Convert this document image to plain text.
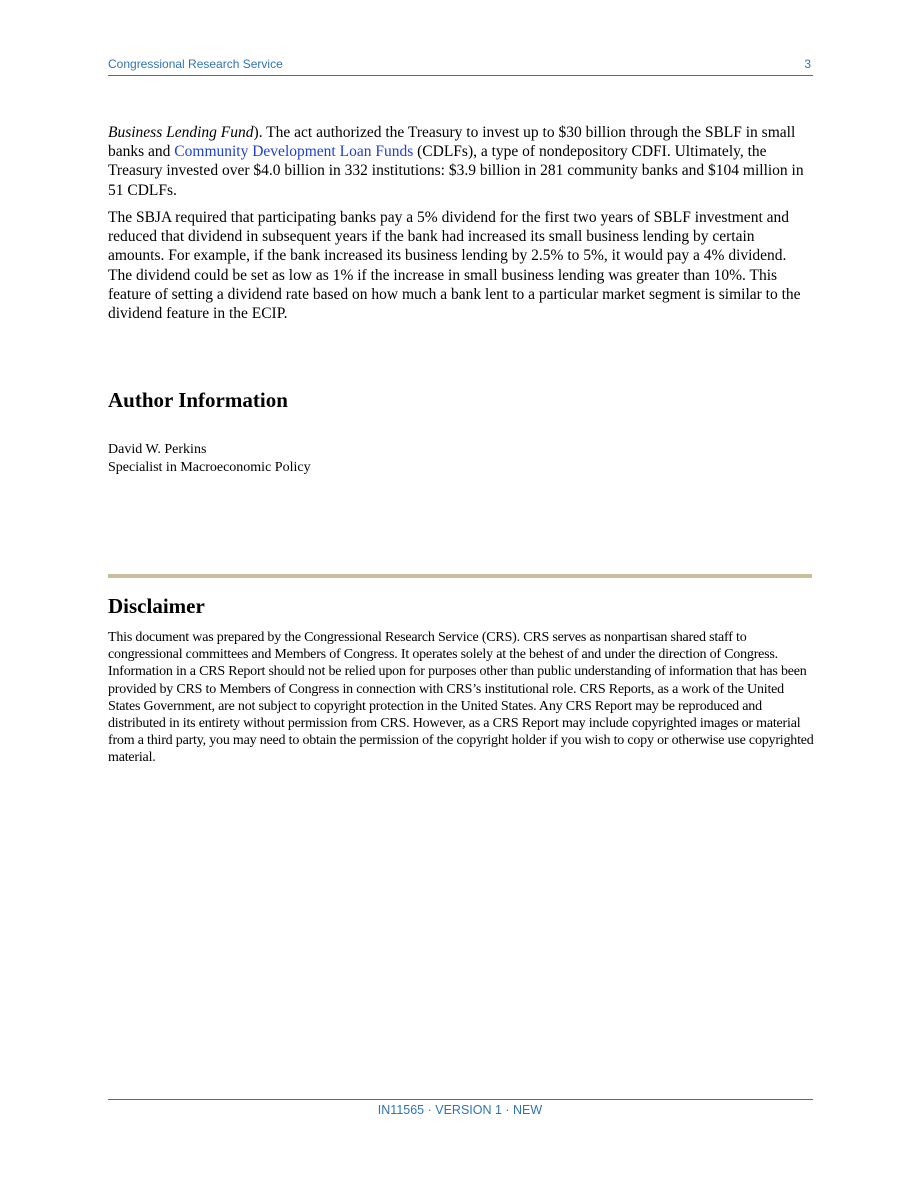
Congressional Research Service	3

Business Lending Fund). The act authorized the Treasury to invest up to $30 billion through the SBLF in small banks and Community Development Loan Funds (CDLFs), a type of nondepository CDFI. Ultimately, the Treasury invested over $4.0 billion in 332 institutions: $3.9 billion in 281 community banks and $104 million in 51 CDLFs.

The SBJA required that participating banks pay a 5% dividend for the first two years of SBLF investment and reduced that dividend in subsequent years if the bank had increased its small business lending by certain amounts. For example, if the bank increased its business lending by 2.5% to 5%, it would pay a 4% dividend. The dividend could be set as low as 1% if the increase in small business lending was greater than 10%. This feature of setting a dividend rate based on how much a bank lent to a particular market segment is similar to the dividend feature in the ECIP.

Author Information
David W. Perkins
Specialist in Macroeconomic Policy
Disclaimer

This document was prepared by the Congressional Research Service (CRS). CRS serves as nonpartisan shared staff to congressional committees and Members of Congress. It operates solely at the behest of and under the direction of Congress. Information in a CRS Report should not be relied upon for purposes other than public understanding of information that has been provided by CRS to Members of Congress in connection with CRS’s institutional role. CRS Reports, as a work of the United States Government, are not subject to copyright protection in the United States. Any CRS Report may be reproduced and distributed in its entirety without permission from CRS. However, as a CRS Report may include copyrighted images or material from a third party, you may need to obtain the permission of the copyright holder if you wish to copy or otherwise use copyrighted material.

IN11565 · VERSION 1 · NEW
